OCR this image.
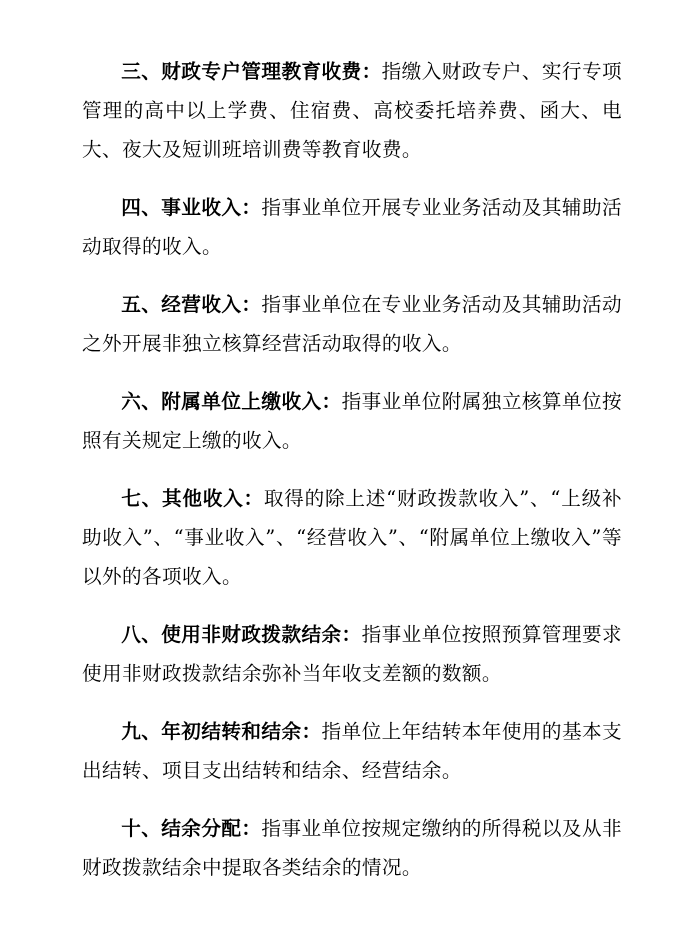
三、财政专户管理教育收费：指缴入财政专户、实行专项管理的高中以上学费、住宿费、高校委托培养费、函大、电大、夜大及短训班培训费等教育收费。

四、事业收入：指事业单位开展专业业务活动及其辅助活动取得的收入。

五、经营收入：指事业单位在专业业务活动及其辅助活动之外开展非独立核算经营活动取得的收入。

六、附属单位上缴收入：指事业单位附属独立核算单位按照有关规定上缴的收入。

七、其他收入：取得的除上述“财政拨款收入”、“上级补助收入”、“事业收入”、“经营收入”、“附属单位上缴收入”等以外的各项收入。

八、使用非财政拨款结余：指事业单位按照预算管理要求使用非财政拨款结余弥补当年收支差额的数额。

九、年初结转和结余：指单位上年结转本年使用的基本支出结转、项目支出结转和结余、经营结余。

十、结余分配：指事业单位按规定缴纳的所得税以及从非财政拨款结余中提取各类结余的情况。
